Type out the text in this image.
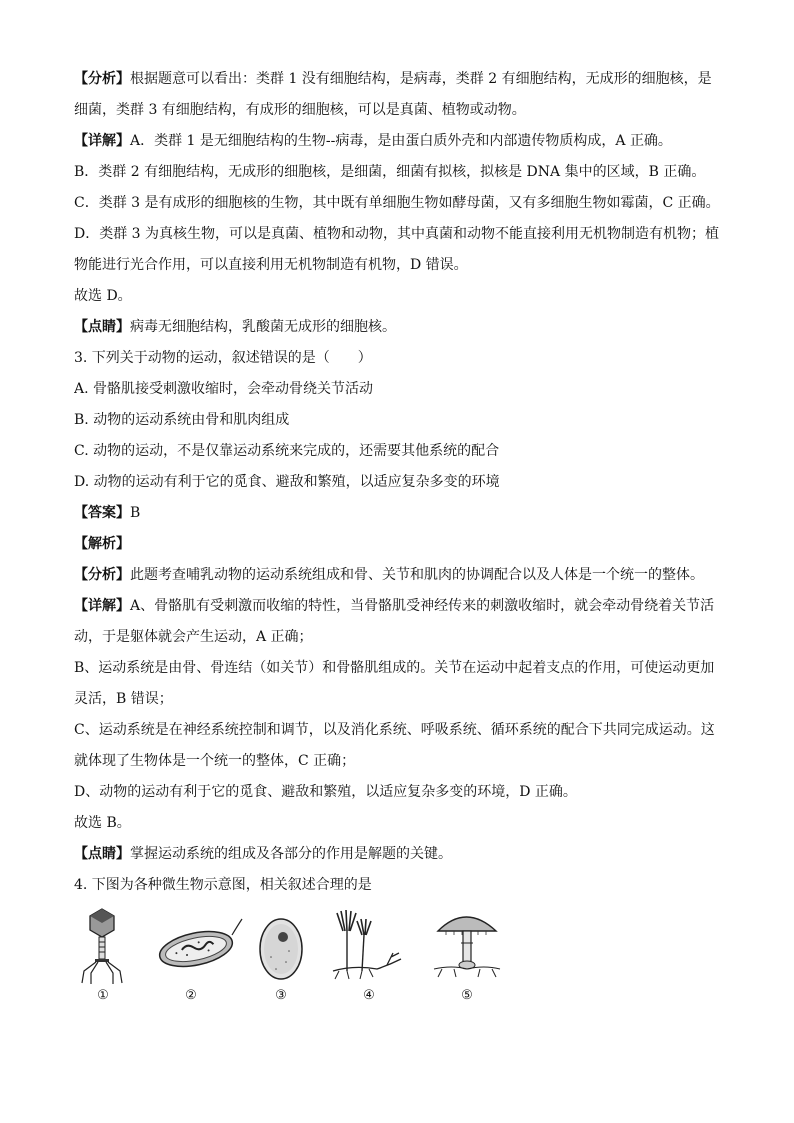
【分析】根据题意可以看出：类群 1 没有细胞结构，是病毒，类群 2 有细胞结构，无成形的细胞核，是细菌，类群 3 有细胞结构，有成形的细胞核，可以是真菌、植物或动物。
【详解】A．类群 1 是无细胞结构的生物--病毒，是由蛋白质外壳和内部遗传物质构成，A 正确。
B．类群 2 有细胞结构，无成形的细胞核，是细菌，细菌有拟核，拟核是 DNA 集中的区域，B 正确。
C．类群 3 是有成形的细胞核的生物，其中既有单细胞生物如酵母菌，又有多细胞生物如霉菌，C 正确。
D．类群 3 为真核生物，可以是真菌、植物和动物，其中真菌和动物不能直接利用无机物制造有机物；植物能进行光合作用，可以直接利用无机物制造有机物，D 错误。
故选 D。
【点睛】病毒无细胞结构，乳酸菌无成形的细胞核。
3. 下列关于动物的运动，叙述错误的是（　　）
A. 骨骼肌接受刺激收缩时，会牵动骨绕关节活动
B. 动物的运动系统由骨和肌肉组成
C. 动物的运动，不是仅靠运动系统来完成的，还需要其他系统的配合
D. 动物的运动有利于它的觅食、避敌和繁殖，以适应复杂多变的环境
【答案】B
【解析】
【分析】此题考查哺乳动物的运动系统组成和骨、关节和肌肉的协调配合以及人体是一个统一的整体。
【详解】A、骨骼肌有受刺激而收缩的特性，当骨骼肌受神经传来的刺激收缩时，就会牵动骨绕着关节活动，于是躯体就会产生运动，A 正确；
B、运动系统是由骨、骨连结（如关节）和骨骼肌组成的。关节在运动中起着支点的作用，可使运动更加灵活，B 错误；
C、运动系统是在神经系统控制和调节，以及消化系统、呼吸系统、循环系统的配合下共同完成运动。这就体现了生物体是一个统一的整体，C 正确；
D、动物的运动有利于它的觅食、避敌和繁殖，以适应复杂多变的环境，D 正确。
故选 B。
【点睛】掌握运动系统的组成及各部分的作用是解题的关键。
4. 下图为各种微生物示意图，相关叙述合理的是
①	②	③	④	⑤
